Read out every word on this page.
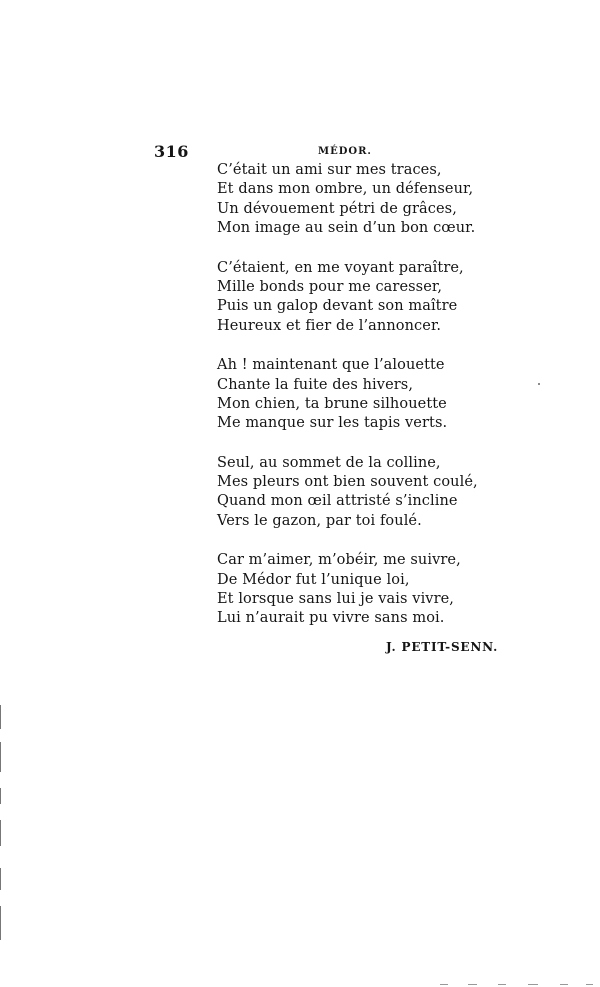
316	MÉDOR.
C’était un ami sur mes traces,
Et dans mon ombre, un défenseur,
Un dévouement pétri de grâces,
Mon image au sein d’un bon cœur.
C’étaient, en me voyant paraître,
Mille bonds pour me caresser,
Puis un galop devant son maître
Heureux et fier de l’annoncer.
Ah ! maintenant que l’alouette
Chante la fuite des hivers,
Mon chien, ta brune silhouette
Me manque sur les tapis verts.
Seul, au sommet de la colline,
Mes pleurs ont bien souvent coulé,
Quand mon œil attristé s’incline
Vers le gazon, par toi foulé.
Car m’aimer, m’obéir, me suivre,
De Médor fut l’unique loi,
Et lorsque sans lui je vais vivre,
Lui n’aurait pu vivre sans moi.
J. PETIT-SENN.
